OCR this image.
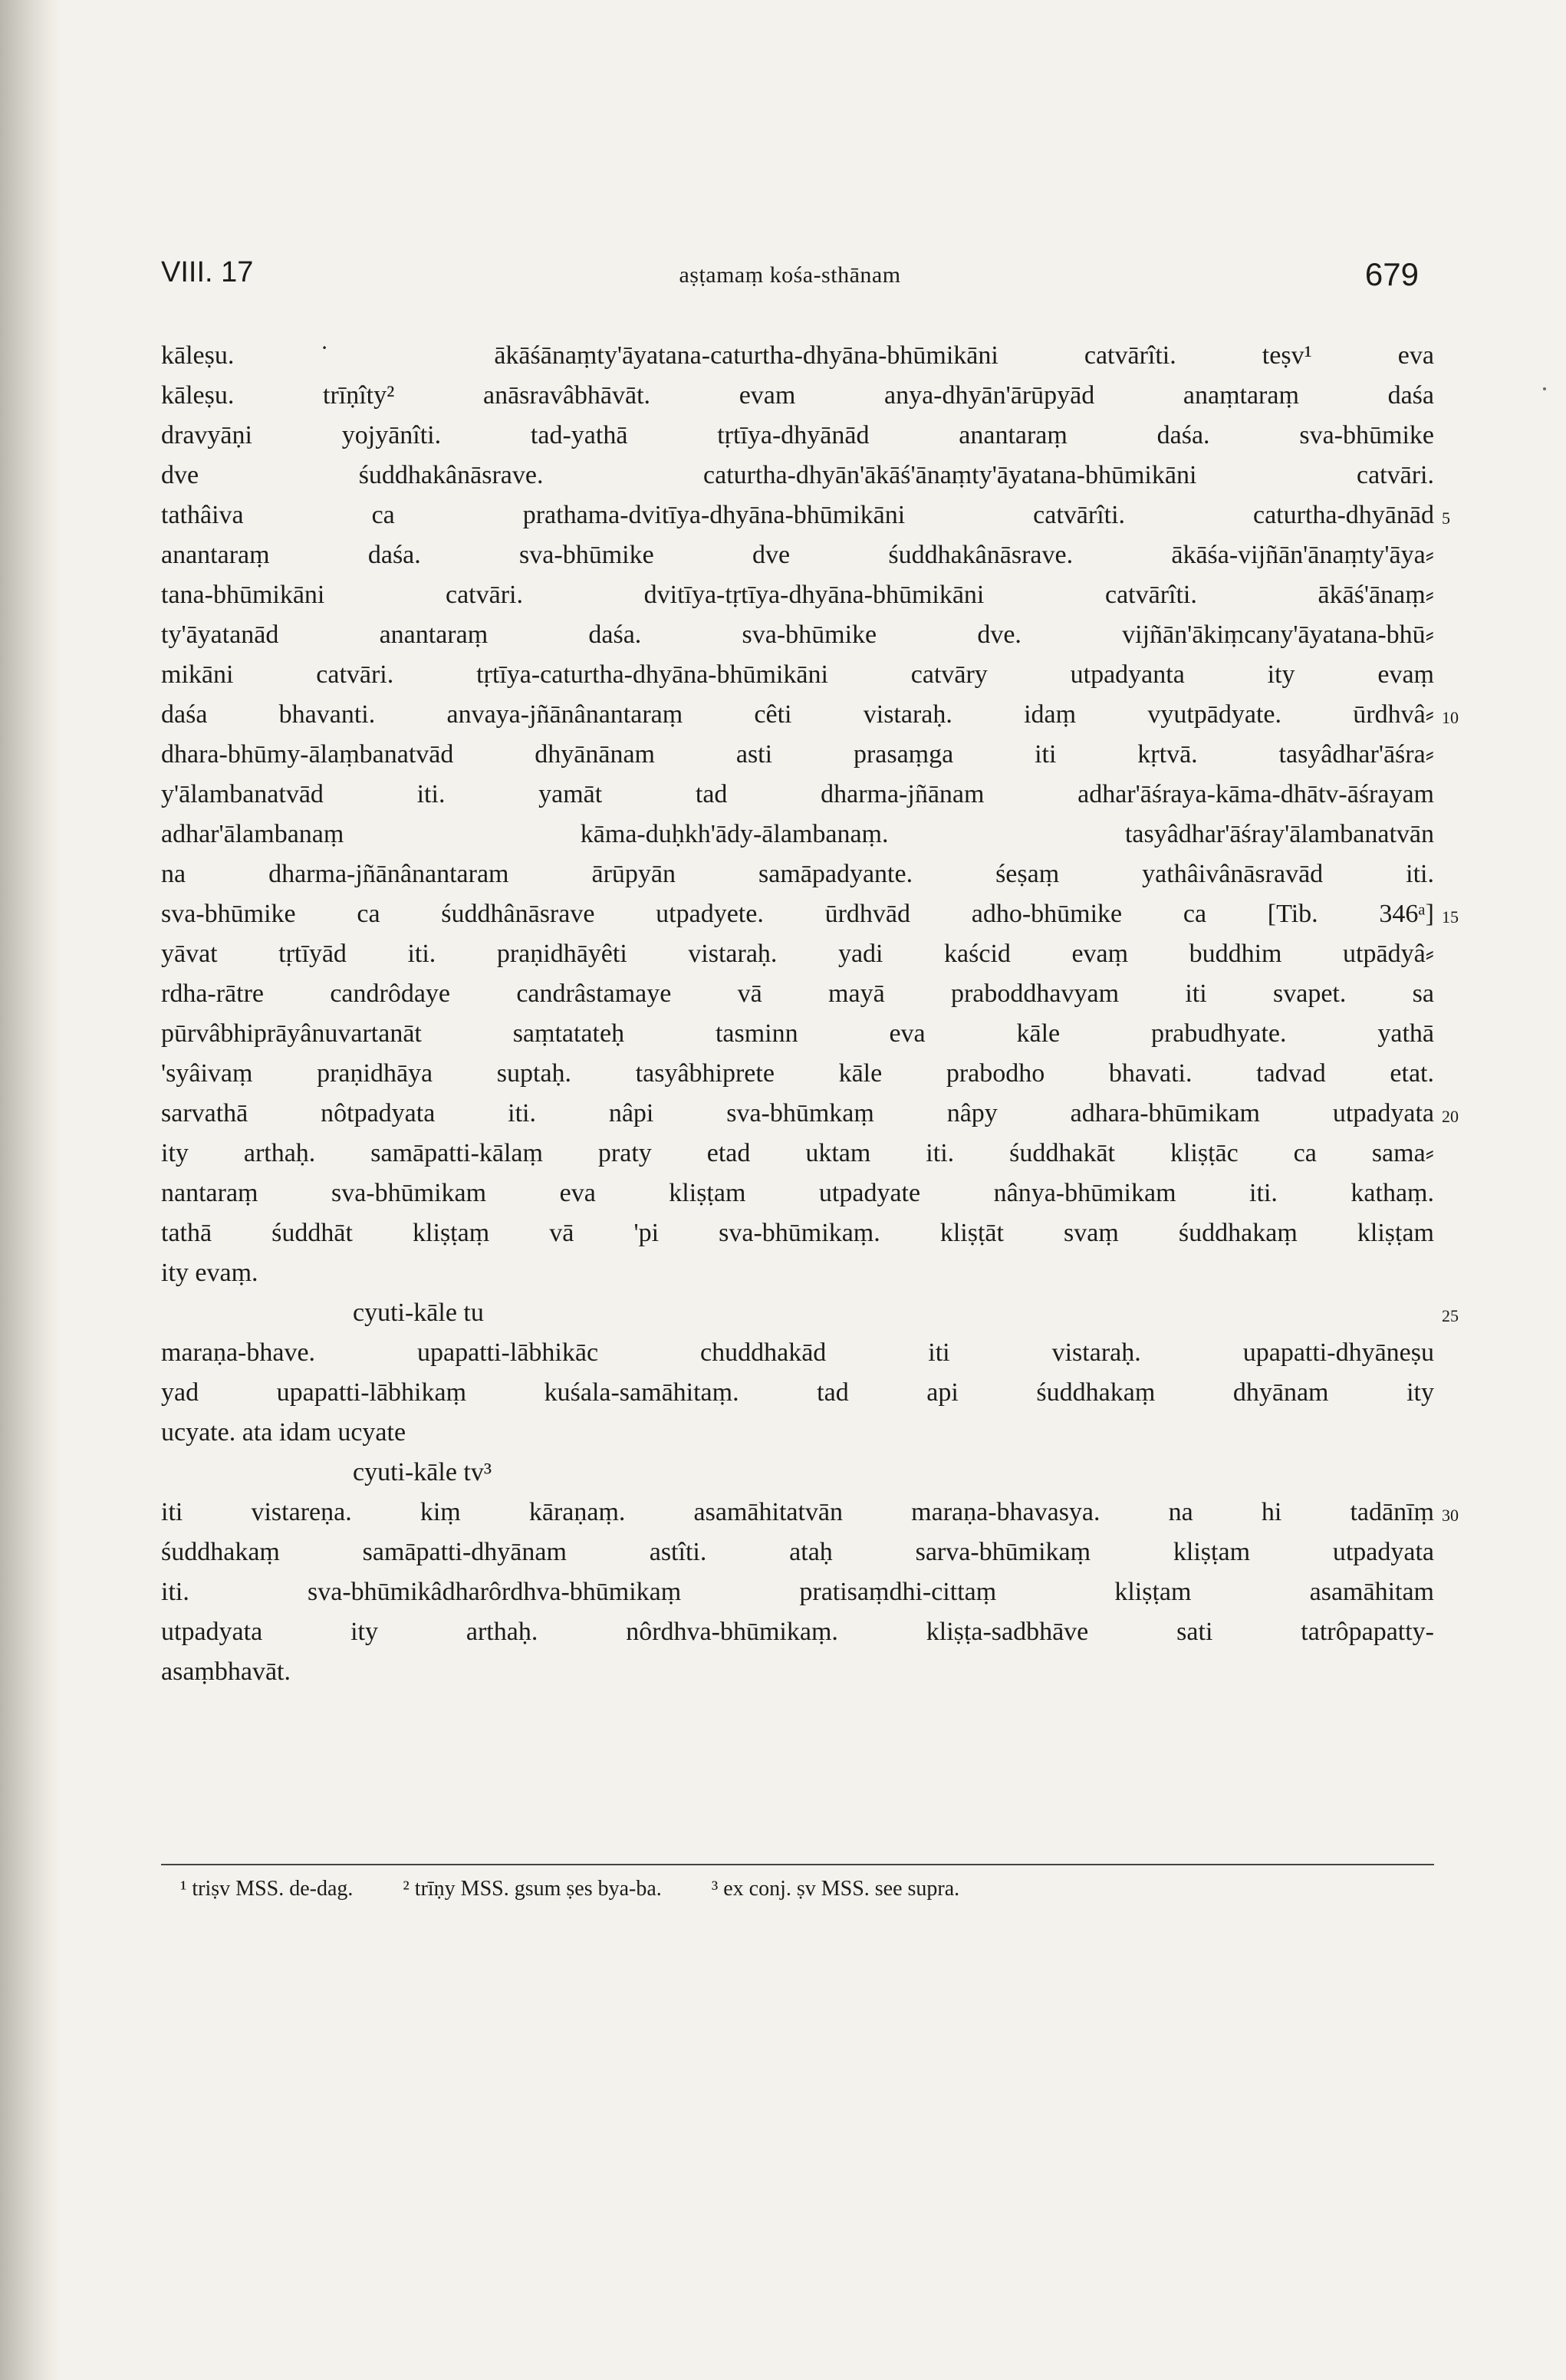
VIII. 17	aṣṭamaṃ kośa-sthānam	679
kāleṣu. ˙ ākāśānaṃty'āyatana-caturtha-dhyāna-bhūmikāni catvārîti. teṣv¹ eva
kāleṣu. trīṇîty² anāsravâbhāvāt. evam anya-dhyān'ārūpyād anaṃtaraṃ daśa
dravyāṇi yojyānîti. tad-yathā tṛtīya-dhyānād anantaraṃ daśa. sva-bhūmike
dve śuddhakânāsrave. caturtha-dhyān'ākāś'ānaṃty'āyatana-bhūmikāni catvāri.
tathâiva ca prathama-dvitīya-dhyāna-bhūmikāni catvārîti. caturtha-dhyānād 5
anantaraṃ daśa. sva-bhūmike dve śuddhakânāsrave. ākāśa-vijñān'ānaṃty'āya⸗
tana-bhūmikāni catvāri. dvitīya-tṛtīya-dhyāna-bhūmikāni catvārîti. ākāś'ānaṃ⸗
ty'āyatanād anantaraṃ daśa. sva-bhūmike dve. vijñān'ākiṃcany'āyatana-bhū⸗
mikāni catvāri. tṛtīya-caturtha-dhyāna-bhūmikāni catvāry utpadyanta ity evaṃ
daśa bhavanti. anvaya-jñānânantaraṃ cêti vistaraḥ. idaṃ vyutpādyate. ūrdhvâ⸗ 10
dhara-bhūmy-ālaṃbanatvād dhyānānam asti prasaṃga iti kṛtvā. tasyâdhar'āśra⸗
y'ālambanatvād iti. yamāt tad dharma-jñānam adhar'āśraya-kāma-dhātv-āśrayam
adhar'ālambanaṃ kāma-duḥkh'ādy-ālambanaṃ. tasyâdhar'āśray'ālambanatvān
na dharma-jñānânantaram ārūpyān samāpadyante. śeṣaṃ yathâivânāsravād iti.
sva-bhūmike ca śuddhânāsrave utpadyete. ūrdhvād adho-bhūmike ca [Tib. 346ᵃ] 15
yāvat tṛtīyād iti. praṇidhāyêti vistaraḥ. yadi kaścid evaṃ buddhim utpādyâ⸗
rdha-rātre candrôdaye candrâstamaye vā mayā praboddhavyam iti svapet. sa
pūrvâbhiprāyânuvartanāt saṃtatateḥ tasminn eva kāle prabudhyate. yathā
'syâivaṃ praṇidhāya suptaḥ. tasyâbhiprete kāle prabodho bhavati. tadvad etat.
sarvathā nôtpadyata iti. nâpi sva-bhūmkaṃ nâpy adhara-bhūmikam utpadyata 20
ity arthaḥ. samāpatti-kālaṃ praty etad uktam iti. śuddhakāt kliṣṭāc ca sama⸗
nantaraṃ sva-bhūmikam eva kliṣṭam utpadyate nânya-bhūmikam iti. kathaṃ.
tathā śuddhāt kliṣṭaṃ vā 'pi sva-bhūmikaṃ. kliṣṭāt svaṃ śuddhakaṃ kliṣṭam
ity evaṃ.
cyuti-kāle tu	25
maraṇa-bhave. upapatti-lābhikāc chuddhakād iti vistaraḥ. upapatti-dhyāneṣu
yad upapatti-lābhikaṃ kuśala-samāhitaṃ. tad api śuddhakaṃ dhyānam ity
ucyate. ata idam ucyate
cyuti-kāle tv³
iti vistareṇa. kiṃ kāraṇaṃ. asamāhitatvān maraṇa-bhavasya. na hi tadānīṃ 30
śuddhakaṃ samāpatti-dhyānam astîti. ataḥ sarva-bhūmikaṃ kliṣṭam utpadyata
iti. sva-bhūmikâdharôrdhva-bhūmikaṃ pratisaṃdhi-cittaṃ kliṣṭam asamāhitam
utpadyata ity arthaḥ. nôrdhva-bhūmikaṃ. kliṣṭa-sadbhāve sati tatrôpapatty-
asaṃbhavāt.
¹ triṣv MSS. de-dag. ² trīṇy MSS. gsum ṣes bya-ba. ³ ex conj. ṣv MSS. see supra.
